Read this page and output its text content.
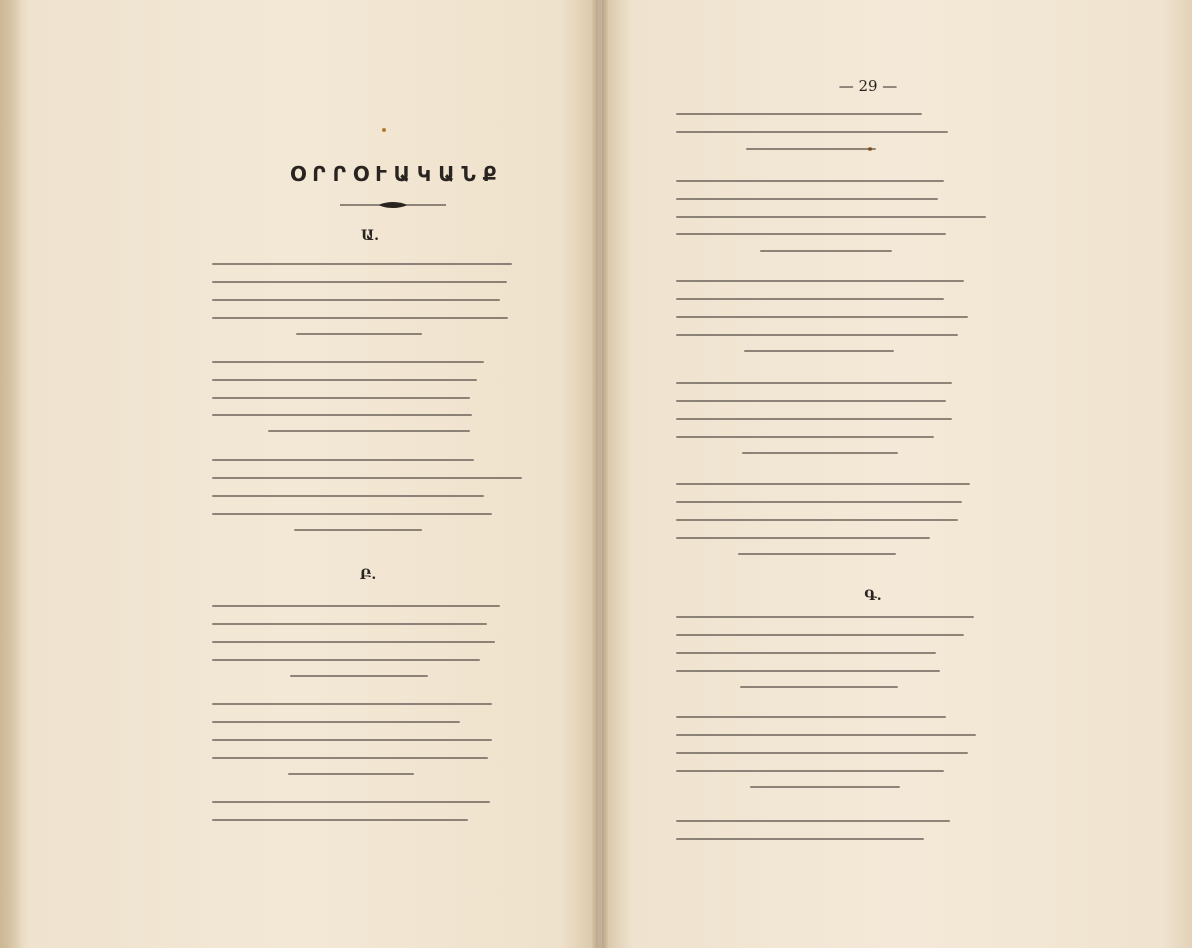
ՕՐՐՕՒԱԿԱՆՔ
Ա.
Բ.
— 29 —
Գ.
